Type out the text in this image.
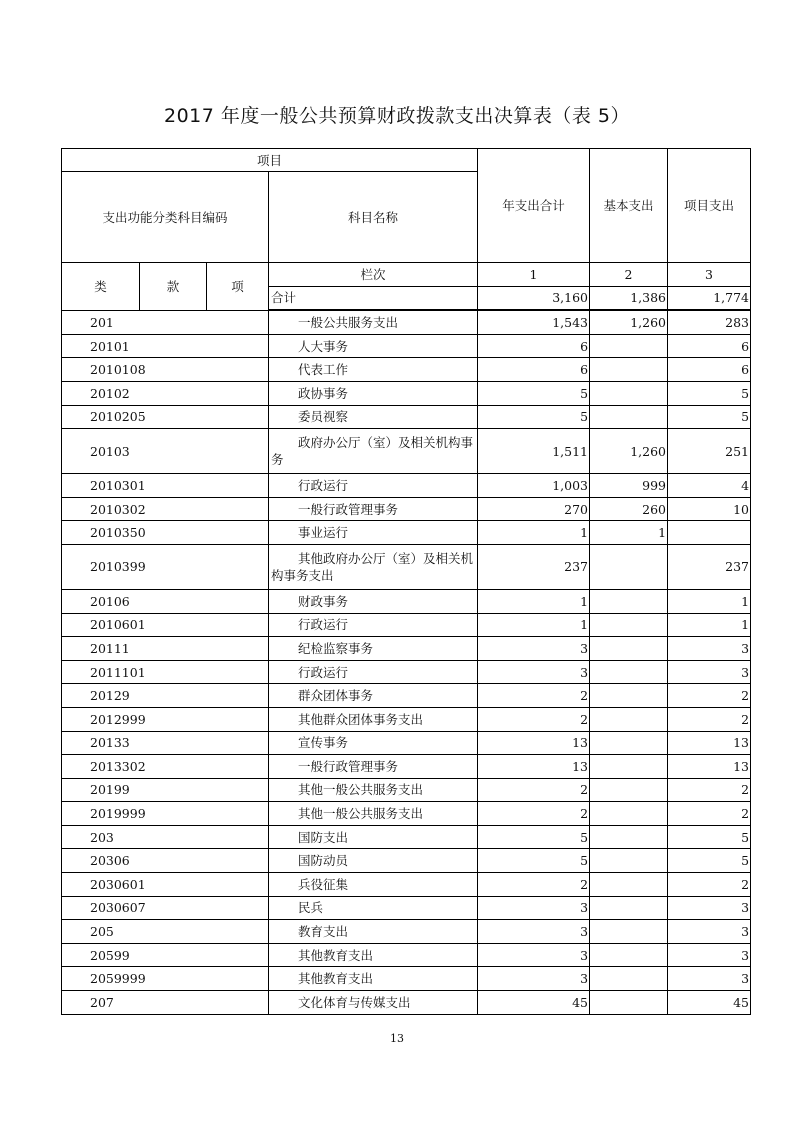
2017 年度一般公共预算财政拨款支出决算表（表 5）
项目				年支出合计	基本支出	项目支出
支出功能分类科目编码			科目名称			
类	款	项	栏次	1	2	3
			合计	3,160	1,386	1,774
201			一般公共服务支出	1,543	1,260	283
20101			人大事务	6		6
2010108			代表工作	6		6
20102			政协事务	5		5
2010205			委员视察	5		5
20103			政府办公厅（室）及相关机构事务	1,511	1,260	251
2010301			行政运行	1,003	999	4
2010302			一般行政管理事务	270	260	10
2010350			事业运行	1	1	
2010399			其他政府办公厅（室）及相关机构事务支出	237		237
20106			财政事务	1		1
2010601			行政运行	1		1
20111			纪检监察事务	3		3
2011101			行政运行	3		3
20129			群众团体事务	2		2
2012999			其他群众团体事务支出	2		2
20133			宣传事务	13		13
2013302			一般行政管理事务	13		13
20199			其他一般公共服务支出	2		2
2019999			其他一般公共服务支出	2		2
203			国防支出	5		5
20306			国防动员	5		5
2030601			兵役征集	2		2
2030607			民兵	3		3
205			教育支出	3		3
20599			其他教育支出	3		3
2059999			其他教育支出	3		3
207			文化体育与传媒支出	45		45
13
